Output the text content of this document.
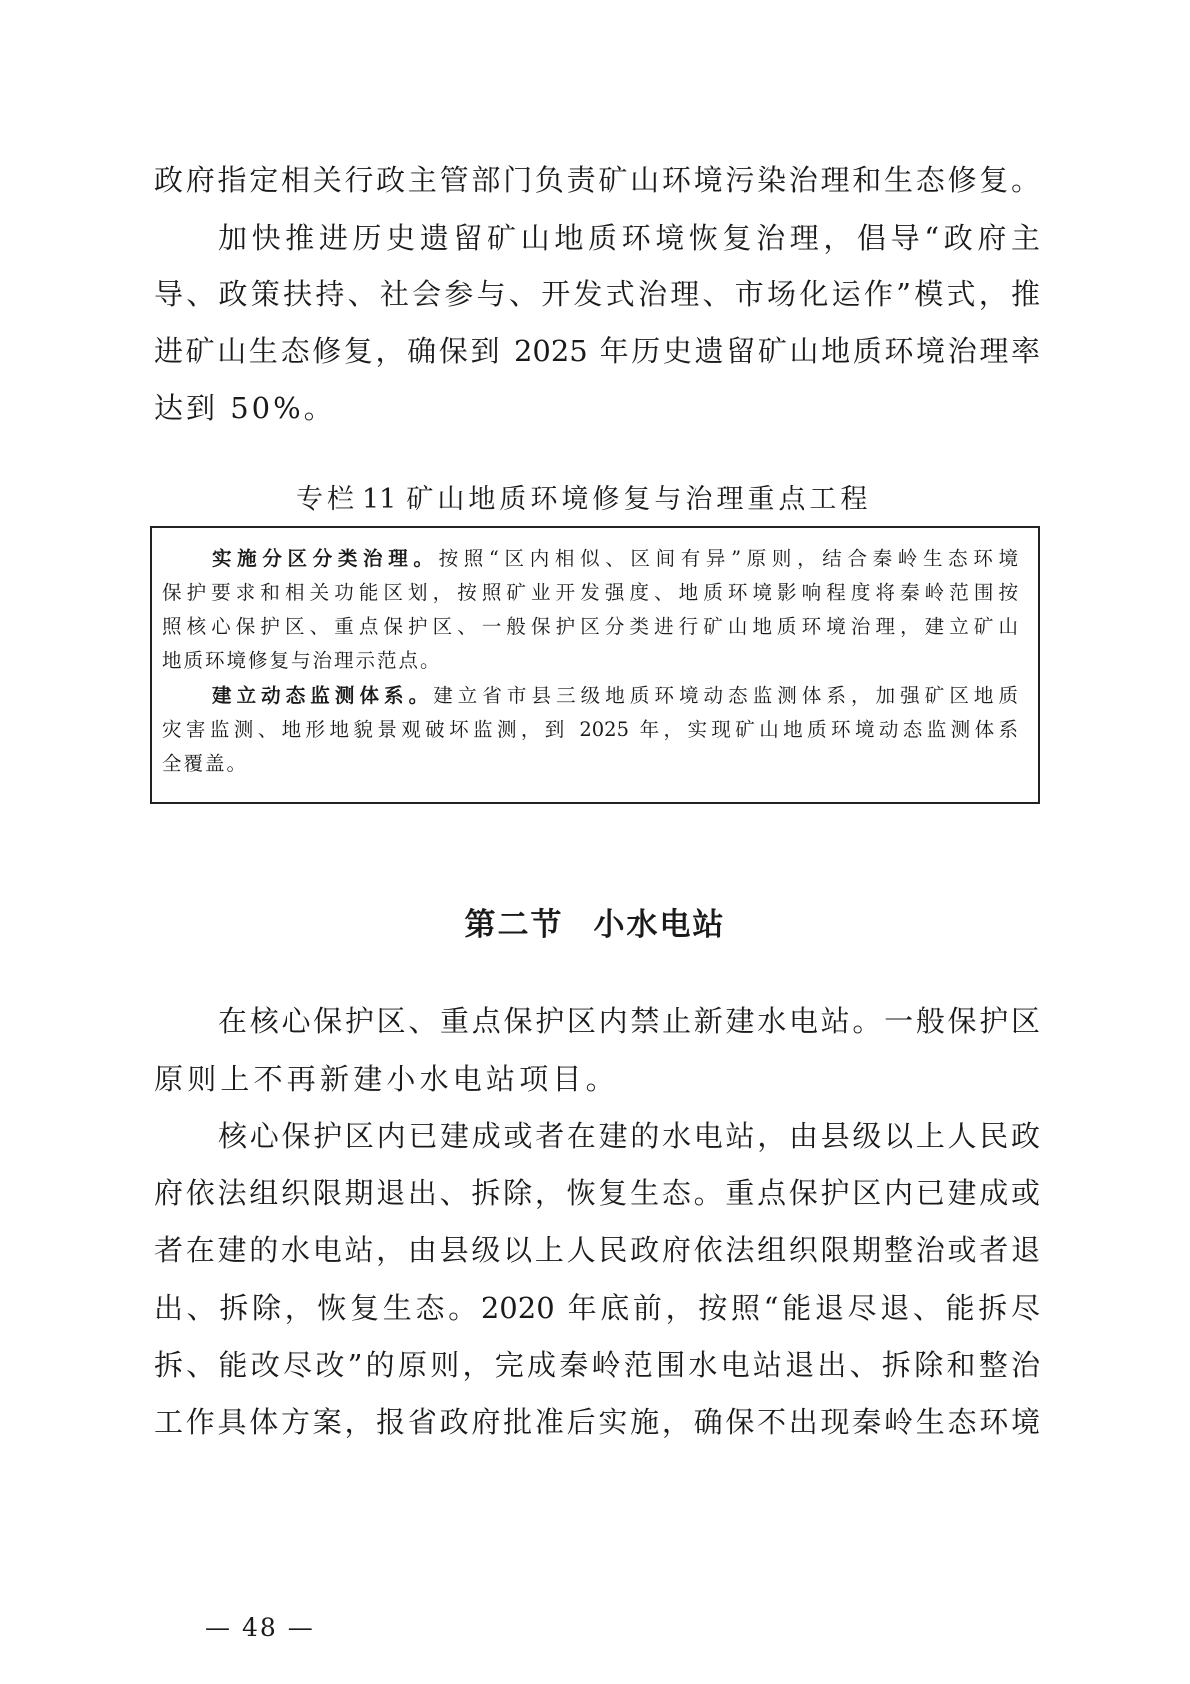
政府指定相关行政主管部门负责矿山环境污染治理和生态修复。
加快推进历史遗留矿山地质环境恢复治理，倡导“政府主
导、政策扶持、社会参与、开发式治理、市场化运作”模式，推
进矿山生态修复，确保到 2025 年历史遗留矿山地质环境治理率
达到 50%。
专栏 11 矿山地质环境修复与治理重点工程
实施分区分类治理。按照“区内相似、区间有异”原则，结合秦岭生态环境
保护要求和相关功能区划，按照矿业开发强度、地质环境影响程度将秦岭范围按
照核心保护区、重点保护区、一般保护区分类进行矿山地质环境治理，建立矿山
地质环境修复与治理示范点。
建立动态监测体系。建立省市县三级地质环境动态监测体系，加强矿区地质
灾害监测、地形地貌景观破坏监测，到 2025 年，实现矿山地质环境动态监测体系
全覆盖。
第二节 小水电站
在核心保护区、重点保护区内禁止新建水电站。一般保护区
原则上不再新建小水电站项目。
核心保护区内已建成或者在建的水电站，由县级以上人民政
府依法组织限期退出、拆除，恢复生态。重点保护区内已建成或
者在建的水电站，由县级以上人民政府依法组织限期整治或者退
出、拆除，恢复生态。2020 年底前，按照“能退尽退、能拆尽
拆、能改尽改”的原则，完成秦岭范围水电站退出、拆除和整治
工作具体方案，报省政府批准后实施，确保不出现秦岭生态环境
— 48 —
